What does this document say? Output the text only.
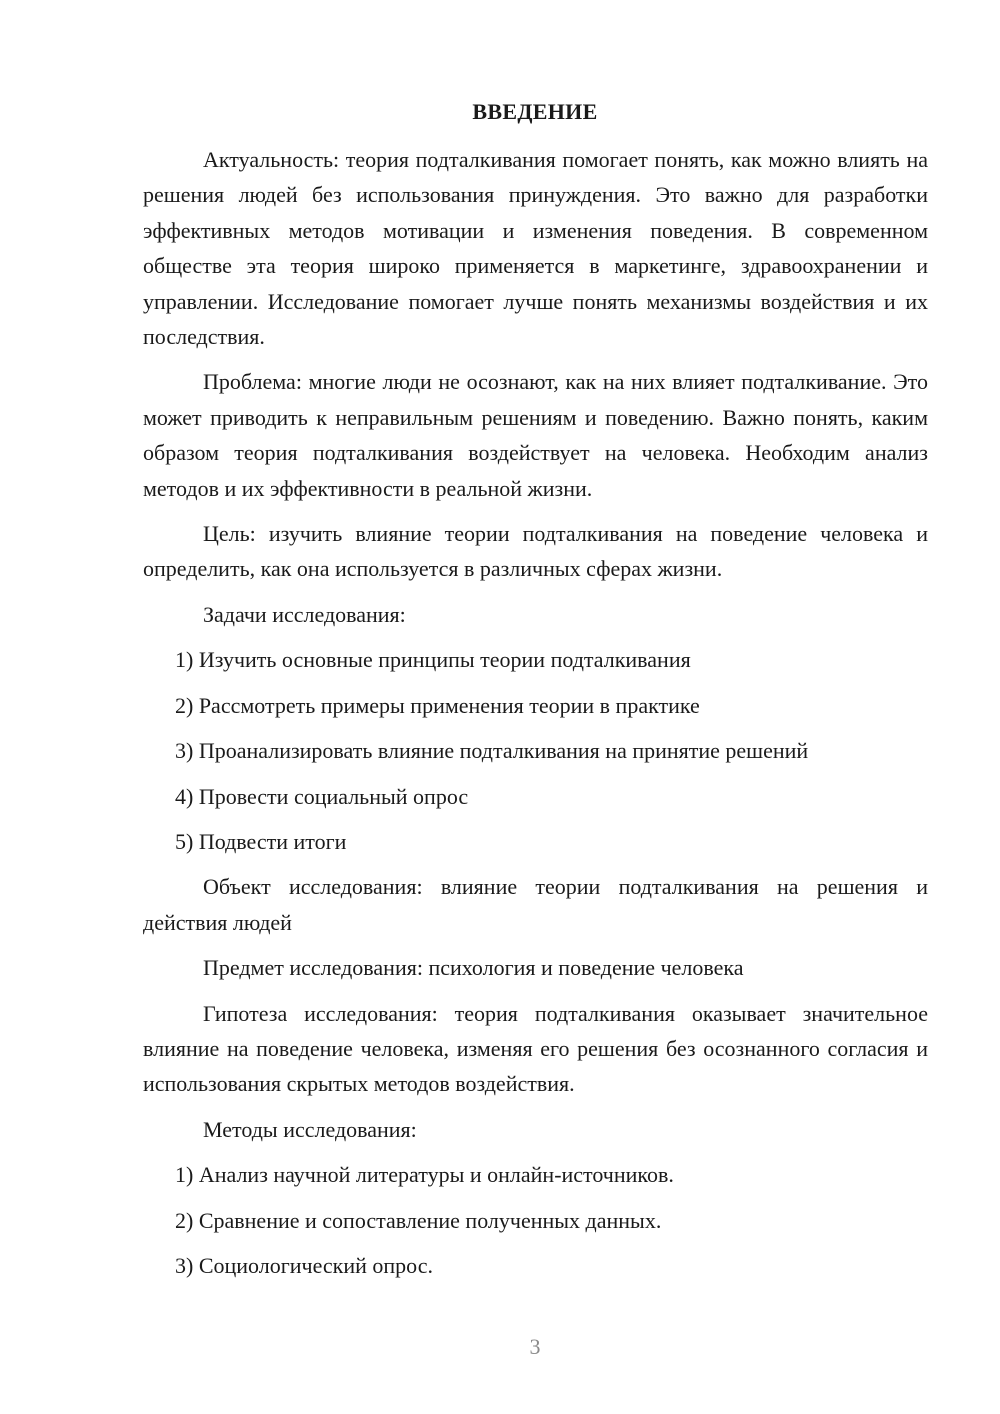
ВВЕДЕНИЕ

Актуальность: теория подталкивания помогает понять, как можно влиять на решения людей без использования принуждения. Это важно для разработки эффективных методов мотивации и изменения поведения. В современном обществе эта теория широко применяется в маркетинге, здравоохранении и управлении. Исследование помогает лучше понять механизмы воздействия и их последствия.

Проблема: многие люди не осознают, как на них влияет подталкивание. Это может приводить к неправильным решениям и поведению. Важно понять, каким образом теория подталкивания воздействует на человека. Необходим анализ методов и их эффективности в реальной жизни.

Цель: изучить влияние теории подталкивания на поведение человека и определить, как она используется в различных сферах жизни.

Задачи исследования:

1) Изучить основные принципы теории подталкивания

2) Рассмотреть примеры применения теории в практике

3) Проанализировать влияние подталкивания на принятие решений

4) Провести социальный опрос

5) Подвести итоги

Объект исследования: влияние теории подталкивания на решения и действия людей

Предмет исследования: психология и поведение человека

Гипотеза исследования: теория подталкивания оказывает значительное влияние на поведение человека, изменяя его решения без осознанного согласия и использования скрытых методов воздействия.

Методы исследования:

1) Анализ научной литературы и онлайн-источников.

2) Сравнение и сопоставление полученных данных.

3) Социологический опрос.

3
